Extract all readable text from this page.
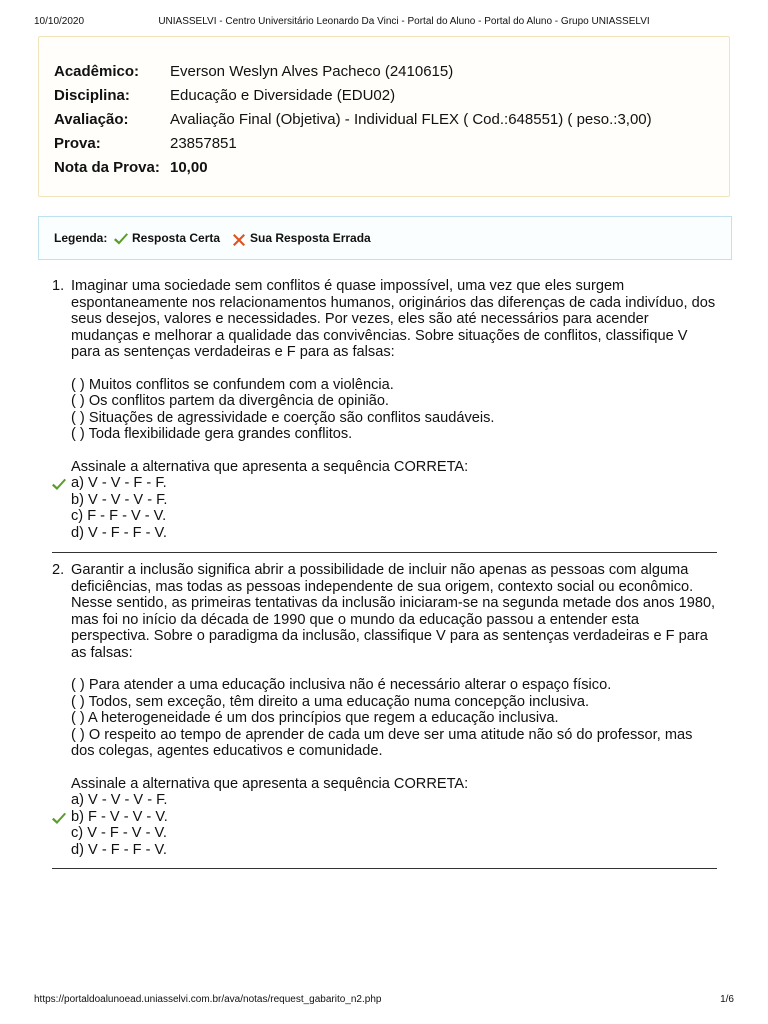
10/10/2020	UNIASSELVI - Centro Universitário Leonardo Da Vinci - Portal do Aluno - Portal do Aluno - Grupo UNIASSELVI
Acadêmico: Everson Weslyn Alves Pacheco (2410615)
Disciplina:	Educação e Diversidade (EDU02)
Avaliação:	Avaliação Final (Objetiva) - Individual FLEX ( Cod.:648551) ( peso.:3,00)
Prova:	23857851
Nota da Prova: 10,00
Legenda: Resposta Certa Sua Resposta Errada
1. Imaginar uma sociedade sem conflitos é quase impossível, uma vez que eles surgem espontaneamente nos relacionamentos humanos, originários das diferenças de cada indivíduo, dos seus desejos, valores e necessidades. Por vezes, eles são até necessários para acender mudanças e melhorar a qualidade das convivências. Sobre situações de conflitos, classifique V para as sentenças verdadeiras e F para as falsas:

( ) Muitos conflitos se confundem com a violência.
( ) Os conflitos partem da divergência de opinião.
( ) Situações de agressividade e coerção são conflitos saudáveis.
( ) Toda flexibilidade gera grandes conflitos.
Assinale a alternativa que apresenta a sequência CORRETA:
a) V - V - F - F.
b) V - V - V - F.
c) F - F - V - V.
d) V - F - F - V.
2. Garantir a inclusão significa abrir a possibilidade de incluir não apenas as pessoas com alguma deficiências, mas todas as pessoas independente de sua origem, contexto social ou econômico. Nesse sentido, as primeiras tentativas da inclusão iniciaram-se na segunda metade dos anos 1980, mas foi no início da década de 1990 que o mundo da educação passou a entender esta perspectiva. Sobre o paradigma da inclusão, classifique V para as sentenças verdadeiras e F para as falsas:

( ) Para atender a uma educação inclusiva não é necessário alterar o espaço físico.
( ) Todos, sem exceção, têm direito a uma educação numa concepção inclusiva.
( ) A heterogeneidade é um dos princípios que regem a educação inclusiva.
( ) O respeito ao tempo de aprender de cada um deve ser uma atitude não só do professor, mas dos colegas, agentes educativos e comunidade.
Assinale a alternativa que apresenta a sequência CORRETA:
a) V - V - V - F.
b) F - V - V - V.
c) V - F - V - V.
d) V - F - F - V.
https://portaldoalunoead.uniasselvi.com.br/ava/notas/request_gabarito_n2.php	1/6
